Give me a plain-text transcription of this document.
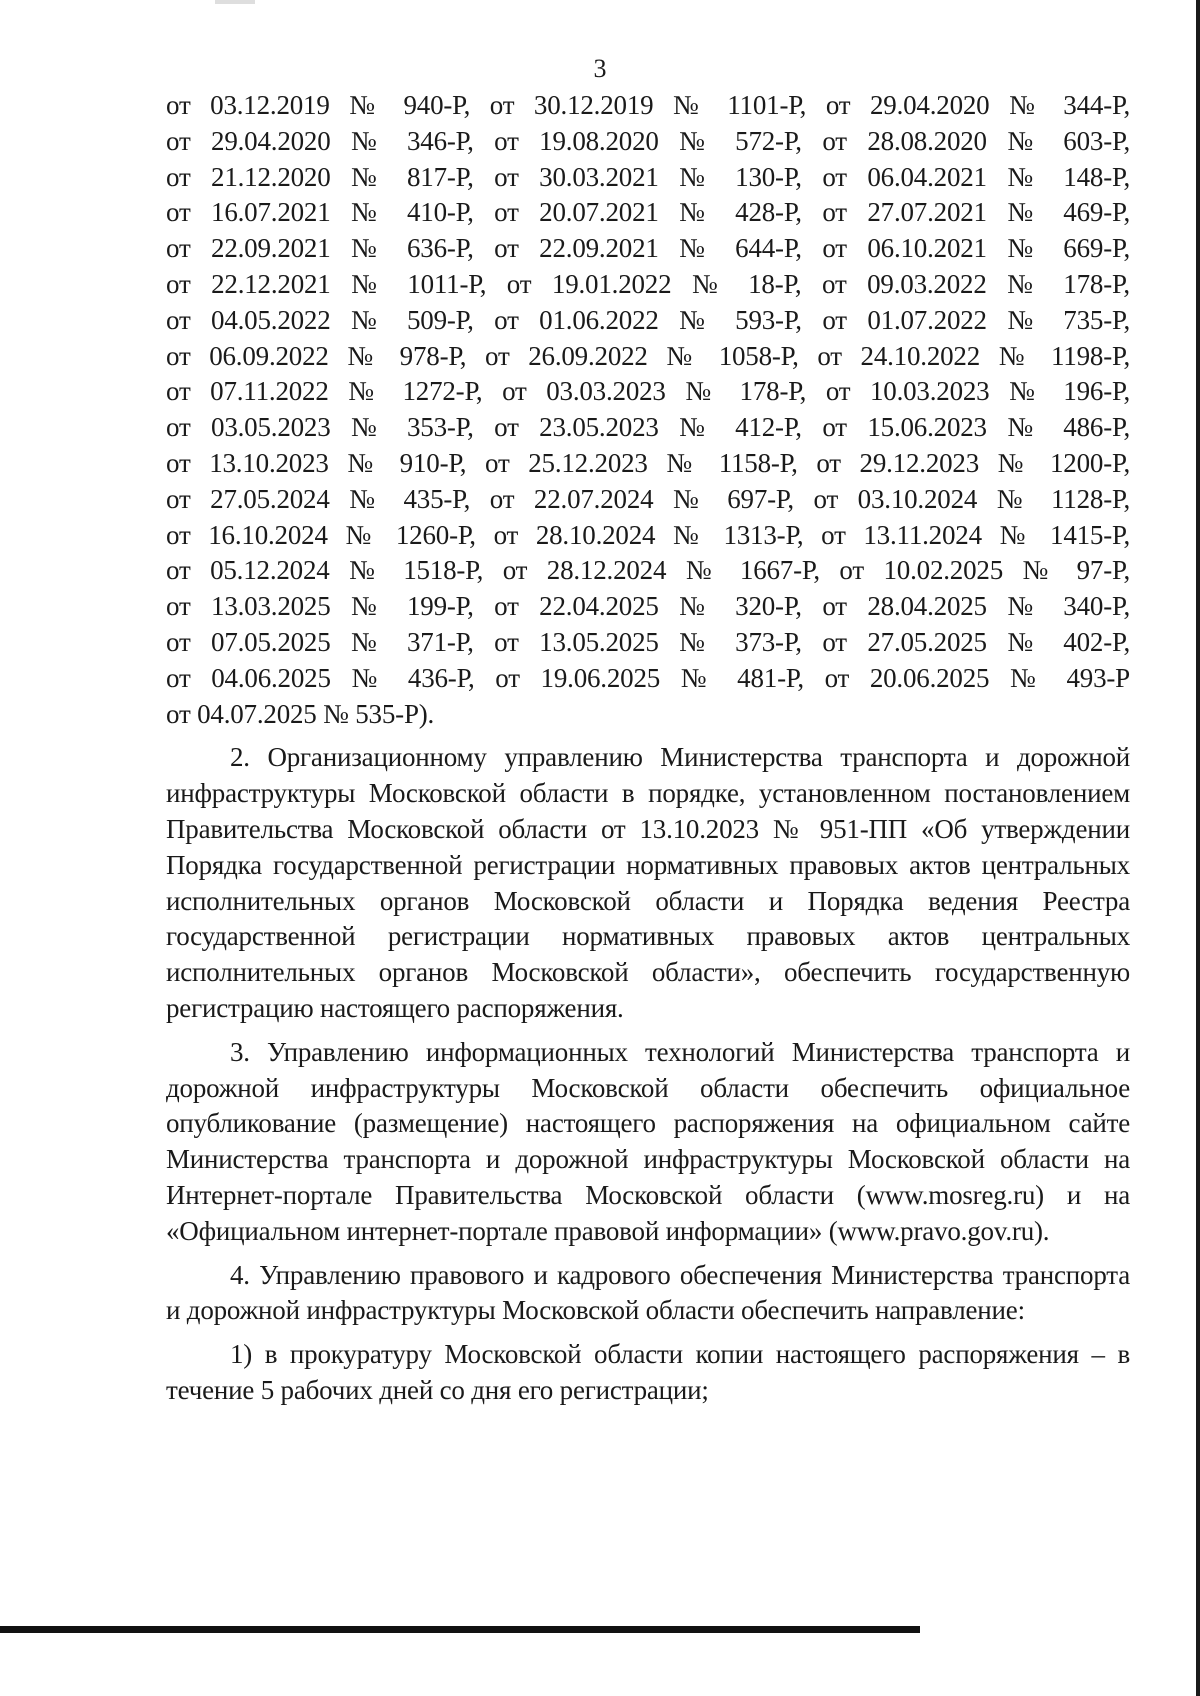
3
от 03.12.2019 № 940-Р, от 30.12.2019 № 1101-Р, от 29.04.2020 № 344-Р,
от 29.04.2020 № 346-Р, от 19.08.2020 № 572-Р, от 28.08.2020 № 603-Р,
от 21.12.2020 № 817-Р, от 30.03.2021 № 130-Р, от 06.04.2021 № 148-Р,
от 16.07.2021 № 410-Р, от 20.07.2021 № 428-Р, от 27.07.2021 № 469-Р,
от 22.09.2021 № 636-Р, от 22.09.2021 № 644-Р, от 06.10.2021 № 669-Р,
от 22.12.2021 № 1011-Р, от 19.01.2022 № 18-Р, от 09.03.2022 № 178-Р,
от 04.05.2022 № 509-Р, от 01.06.2022 № 593-Р, от 01.07.2022 № 735-Р,
от 06.09.2022 № 978-Р, от 26.09.2022 № 1058-Р, от 24.10.2022 № 1198-Р,
от 07.11.2022 № 1272-Р, от 03.03.2023 № 178-Р, от 10.03.2023 № 196-Р,
от 03.05.2023 № 353-Р, от 23.05.2023 № 412-Р, от 15.06.2023 № 486-Р,
от 13.10.2023 № 910-Р, от 25.12.2023 № 1158-Р, от 29.12.2023 № 1200-Р,
от 27.05.2024 № 435-Р, от 22.07.2024 № 697-Р, от 03.10.2024 № 1128-Р,
от 16.10.2024 № 1260-Р, от 28.10.2024 № 1313-Р, от 13.11.2024 № 1415-Р,
от 05.12.2024 № 1518-Р, от 28.12.2024 № 1667-Р, от 10.02.2025 № 97-Р,
от 13.03.2025 № 199-Р, от 22.04.2025 № 320-Р, от 28.04.2025 № 340-Р,
от 07.05.2025 № 371-Р, от 13.05.2025 № 373-Р, от 27.05.2025 № 402-Р,
от 04.06.2025 № 436-Р, от 19.06.2025 № 481-Р, от 20.06.2025 № 493-Р
от 04.07.2025 № 535-Р).

2. Организационному управлению Министерства транспорта и дорожной инфраструктуры Московской области в порядке, установленном постановлением Правительства Московской области от 13.10.2023 № 951-ПП «Об утверждении Порядка государственной регистрации нормативных правовых актов центральных исполнительных органов Московской области и Порядка ведения Реестра государственной регистрации нормативных правовых актов центральных исполнительных органов Московской области», обеспечить государственную регистрацию настоящего распоряжения.

3. Управлению информационных технологий Министерства транспорта и дорожной инфраструктуры Московской области обеспечить официальное опубликование (размещение) настоящего распоряжения на официальном сайте Министерства транспорта и дорожной инфраструктуры Московской области на Интернет-портале Правительства Московской области (www.mosreg.ru) и на «Официальном интернет-портале правовой информации» (www.pravo.gov.ru).

4. Управлению правового и кадрового обеспечения Министерства транспорта и дорожной инфраструктуры Московской области обеспечить направление:

1) в прокуратуру Московской области копии настоящего распоряжения – в течение 5 рабочих дней со дня его регистрации;
